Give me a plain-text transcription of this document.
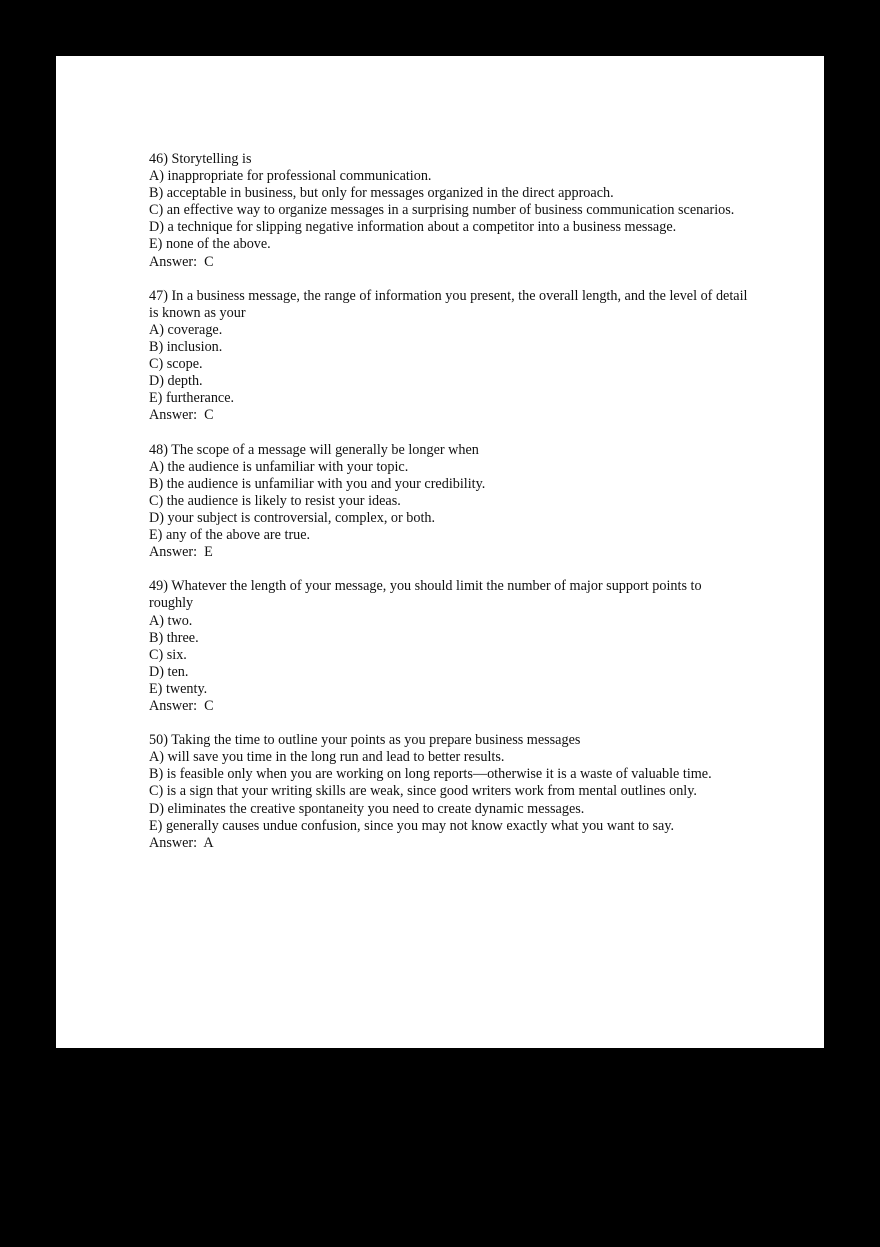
46) Storytelling is
A) inappropriate for professional communication.
B) acceptable in business, but only for messages organized in the direct approach.
C) an effective way to organize messages in a surprising number of business communication scenarios.
D) a technique for slipping negative information about a competitor into a business message.
E) none of the above.
Answer:  C
47) In a business message, the range of information you present, the overall length, and the level of detail is known as your
A) coverage.
B) inclusion.
C) scope.
D) depth.
E) furtherance.
Answer:  C
48) The scope of a message will generally be longer when
A) the audience is unfamiliar with your topic.
B) the audience is unfamiliar with you and your credibility.
C) the audience is likely to resist your ideas.
D) your subject is controversial, complex, or both.
E) any of the above are true.
Answer:  E
49) Whatever the length of your message, you should limit the number of major support points to roughly
A) two.
B) three.
C) six.
D) ten.
E) twenty.
Answer:  C
50) Taking the time to outline your points as you prepare business messages
A) will save you time in the long run and lead to better results.
B) is feasible only when you are working on long reports—otherwise it is a waste of valuable time.
C) is a sign that your writing skills are weak, since good writers work from mental outlines only.
D) eliminates the creative spontaneity you need to create dynamic messages.
E) generally causes undue confusion, since you may not know exactly what you want to say.
Answer:  A
